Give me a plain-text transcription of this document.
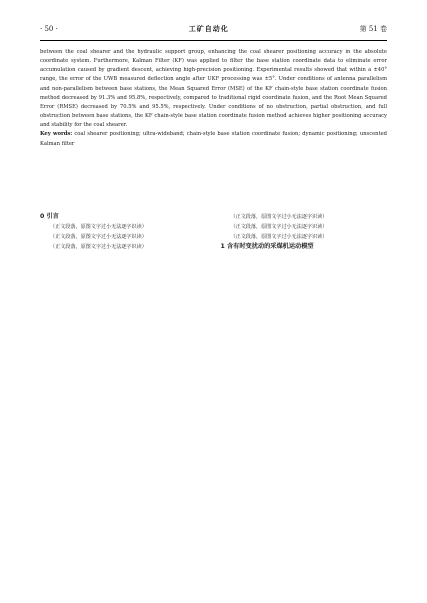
· 50 ·	工矿自动化	第 51 卷

between the coal shearer and the hydraulic support group, enhancing the coal shearer positioning accuracy in the absolute coordinate system. Furthermore, Kalman Filter (KF) was applied to filter the base station coordinate data to eliminate error accumulation caused by gradient descent, achieving high-precision positioning. Experimental results showed that within a ±40° range, the error of the UWB measured deflection angle after UKF processing was ±5°. Under conditions of antenna parallelism and non-parallelism between base stations, the Mean Squared Error (MSE) of the KF chain-style base station coordinate fusion method decreased by 91.3% and 95.8%, respectively, compared to traditional rigid coordinate fusion, and the Root Mean Squared Error (RMSE) decreased by 70.5% and 95.5%, respectively. Under conditions of no obstruction, partial obstruction, and full obstruction between base stations, the KF chain-style base station coordinate fusion method achieves higher positioning accuracy and stability for the coal shearer.

Key words: coal shearer positioning; ultra-wideband; chain-style base station coordinate fusion; dynamic positioning; unscented Kalman filter

0 引言

（正文段落，原图文字过小无法逐字识读）

（正文段落，原图文字过小无法逐字识读）

（正文段落，原图文字过小无法逐字识读）

（正文段落，原图文字过小无法逐字识读）

（正文段落，原图文字过小无法逐字识读）

（正文段落，原图文字过小无法逐字识读）

1 含有时变扰动的采煤机运动模型
